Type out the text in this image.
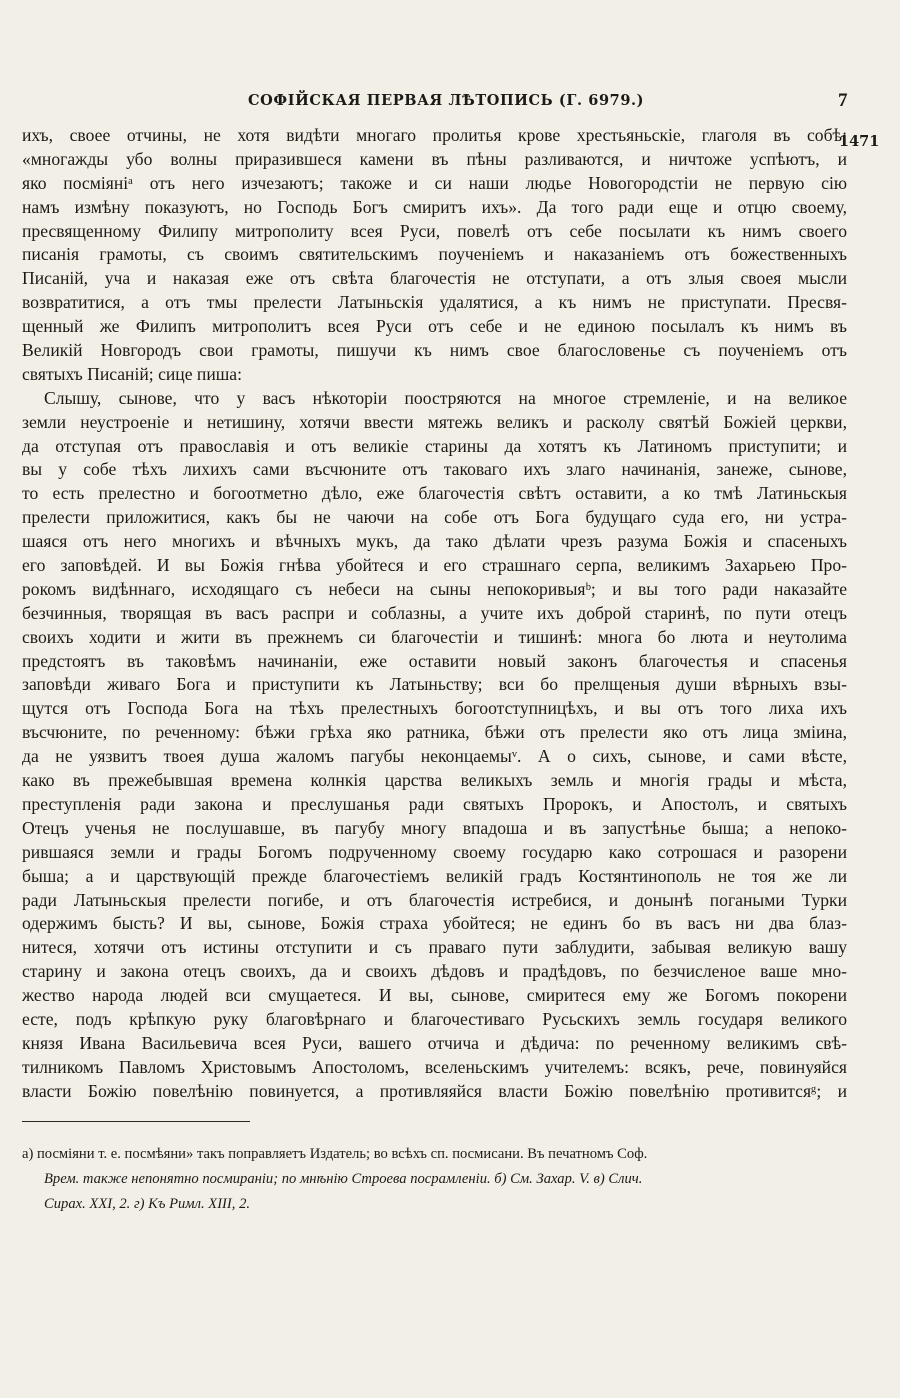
СОФІЙСКАЯ ПЕРВАЯ ЛѢТОПИСЬ (Г. 6979.)	7
1471
ихъ, своее отчины, не хотя видѣти многаго пролитья крове хрестьяньскіе, глаголя въ собѣ:
«многажды убо волны приразившеся камени въ пѣны разливаются, и ничтоже успѣютъ, и
яко посміянiᵃ отъ него изчезаютъ; такоже и си наши людье Новогородстіи не первую сію
намъ измѣну показуютъ, но Господь Богъ смиритъ ихъ». Да того ради еще и отцю своему,
пресвященному Филипу митрополиту всея Руси, повелѣ отъ себе посылати къ нимъ своего
писанія грамоты, съ своимъ святительскимъ поученіемъ и наказаніемъ отъ божественныхъ
Писаній, уча и наказая еже отъ свѣта благочестія не отступати, а отъ злыя своея мысли
возвратитися, а отъ тмы прелести Латыньскія удалятися, а къ нимъ не приступати. Пресвя-
щенный же Филипъ митрополитъ всея Руси отъ себе и не единою посылалъ къ нимъ въ
Великій Новгородъ свои грамоты, пишучи къ нимъ свое благословенье съ поученіемъ отъ
святыхъ Писаній; сице пиша:
Слышу, сынове, что у васъ нѣкоторіи поостряются на многое стремленіе, и на великое
земли неустроеніе и нетишину, хотячи ввести мятежь великъ и расколу святѣй Божіей церкви,
да отступая отъ православія и отъ великіе старины да хотятъ къ Латиномъ приступити; и
вы у собе тѣхъ лихихъ сами въсчюните отъ таковаго ихъ злаго начинанія, занеже, сынове,
то есть прелестно и богоотметно дѣло, еже благочестія свѣтъ оставити, а ко тмѣ Латиньскыя
прелести приложитися, какъ бы не чаючи на собе отъ Бога будущаго суда его, ни устра-
шаяся отъ него многихъ и вѣчныхъ мукъ, да тако дѣлати чрезъ разума Божія и спасеныхъ
его заповѣдей. И вы Божія гнѣва убойтеся и его страшнаго серпа, великимъ Захарьею Про-
рокомъ видѣннаго, исходящаго съ небеси на сыны непокоривыяᵇ; и вы того ради наказайте
безчинныя, творящая въ васъ распри и соблазны, а учите ихъ доброй старинѣ, по пути отецъ
своихъ ходити и жити въ прежнемъ си благочестіи и тишинѣ: многа бо люта и неутолима
предстоятъ въ таковѣмъ начинаніи, еже оставити новый законъ благочестья и спасенья
заповѣди живаго Бога и приступити къ Латыньству; вси бо прелщеныя души вѣрныхъ взы-
щутся отъ Господа Бога на тѣхъ прелестныхъ богоотступницѣхъ, и вы отъ того лиха ихъ
въсчюните, по реченному: бѣжи грѣха яко ратника, бѣжи отъ прелести яко отъ лица зміина,
да не уязвитъ твоея душа жаломъ пагубы неконцаемыᵛ. А о сихъ, сынове, и сами вѣсте,
како въ прежебывшая времена колнкія царства великыхъ земль и многія грады и мѣста,
преступленія ради закона и преслушанья ради святыхъ Пророкъ, и Апостолъ, и святыхъ
Отецъ ученья не послушавше, въ пагубу многу впадоша и въ запустѣнье быша; а непоко-
рившаяся земли и грады Богомъ подрученному своему государю како сотрошася и разорени
быша; а и царствующій прежде благочестіемъ великій градъ Костянтинополь не тоя же ли
ради Латыньскыя прелести погибе, и отъ благочестія истребися, и донынѣ погаными Турки
одержимъ бысть? И вы, сынове, Божія страха убойтеся; не единъ бо въ васъ ни два блаз-
нитеся, хотячи отъ истины отступити и съ праваго пути заблудити, забывая великую вашу
старину и закона отецъ своихъ, да и своихъ дѣдовъ и прадѣдовъ, по безчисленое ваше мно-
жество народа людей вси смущаетеся. И вы, сынове, смиритеся ему же Богомъ покорени
есте, подъ крѣпкую руку благовѣрнаго и благочестиваго Русьскихъ земль государя великого
князя Ивана Васильевича всея Руси, вашего отчича и дѣдича: по реченному великимъ свѣ-
тилникомъ Павломъ Христовымъ Апостоломъ, вселеньскимъ учителемъ: всякъ, рече, повинуяйся
власти Божію повелѣнію повинуется, а противляяйся власти Божію повелѣнію противитсяᵍ; и
а) посміяни т. е. посмѣяни» такъ поправляетъ Издатель; во всѣхъ сп. посмисани. Въ печатномъ Соф.
Врем. также непонятно посмираніи; по мнѣнію Строева посрамленіи. б) См. Захар. V. в) Слич.
Сирах. XXI, 2. г) Къ Римл. XIII, 2.
